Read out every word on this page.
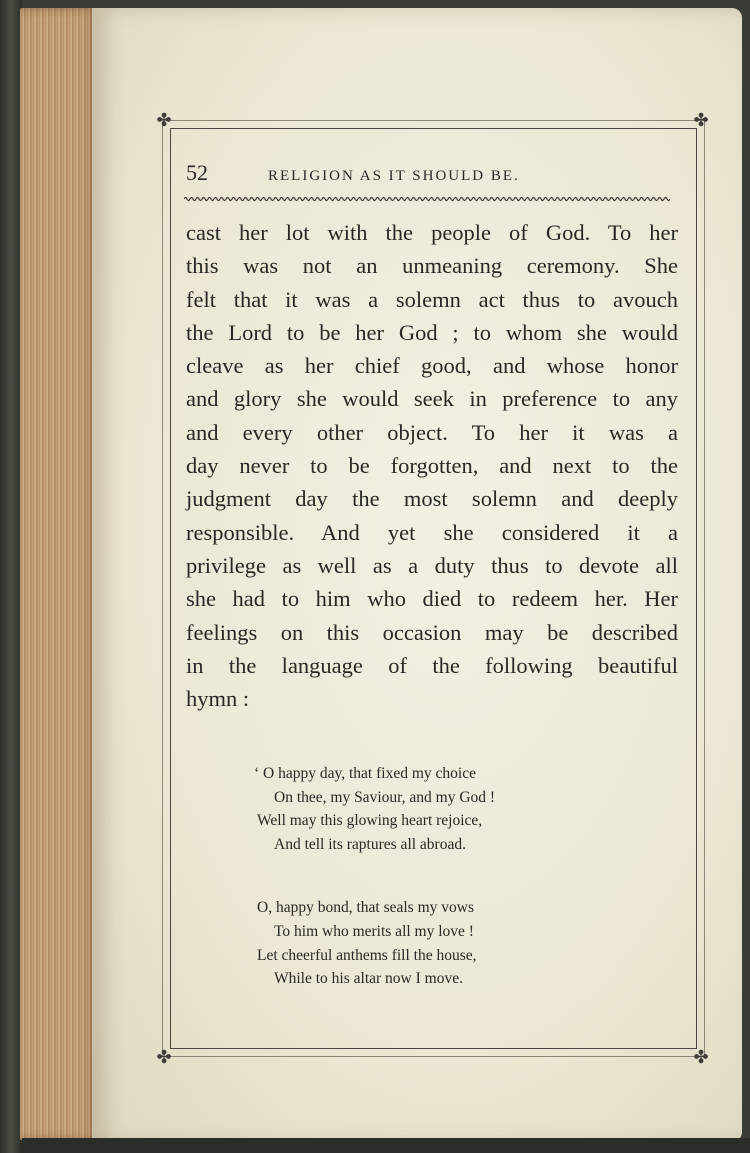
✤	✤
✤	✤
52	RELIGION AS IT SHOULD BE.
cast her lot with the people of God. To her
this was not an unmeaning ceremony. She
felt that it was a solemn act thus to avouch
the Lord to be her God ; to whom she would
cleave as her chief good, and whose honor
and glory she would seek in preference to any
and every other object. To her it was a
day never to be forgotten, and next to the
judgment day the most solemn and deeply
responsible. And yet she considered it a
privilege as well as a duty thus to devote all
she had to him who died to redeem her. Her
feelings on this occasion may be described
in the language of the following beautiful
hymn :
‘ O happy day, that fixed my choice
On thee, my Saviour, and my God !
Well may this glowing heart rejoice,
And tell its raptures all abroad.
O, happy bond, that seals my vows
To him who merits all my love !
Let cheerful anthems fill the house,
While to his altar now I move.
